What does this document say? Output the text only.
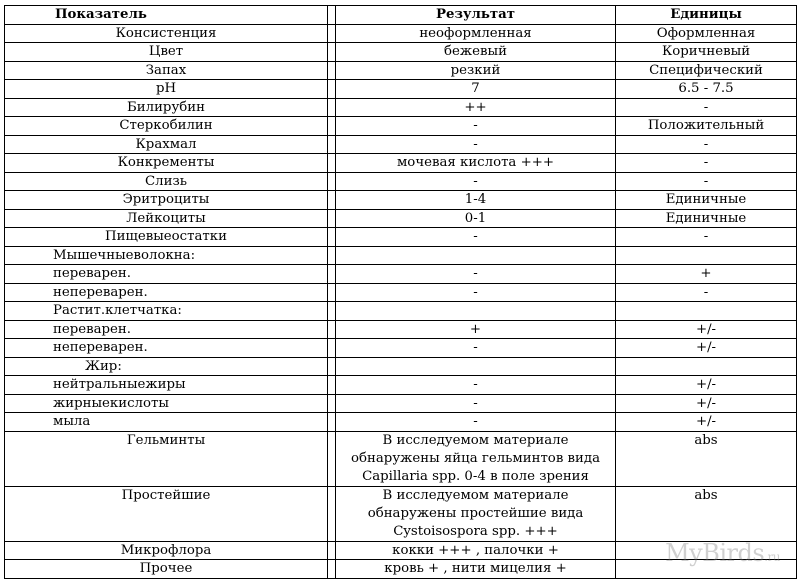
Показатель		Результат	Единицы
Консистенция		неоформленная	Оформленная
Цвет		бежевый	Коричневый
Запах		резкий	Специфический
pH		7	6.5 - 7.5
Билирубин		++	-
Стеркобилин		-	Положительный
Крахмал		-	-
Конкременты		мочевая кислота +++	-
Слизь		-	-
Эритроциты		1-4	Единичные
Лейкоциты		0-1	Единичные
Пищевыеостатки		-	-
Мышечныеволокна:			
переварен.		-	+
непереварен.		-	-
Растит.клетчатка:			
переварен.		+	+/-
непереварен.		-	+/-
Жир:			
нейтральныежиры		-	+/-
жирныекислоты		-	+/-
мыла		-	+/-
Гельминты		В исследуемом материале обнаружены яйца гельминтов вида Capillaria spp. 0-4 в поле зрения	abs
Простейшие		В исследуемом материале обнаружены простейшие вида Cystoisospora spp. +++	abs
Микрофлора		кокки +++ , палочки +	
Прочее		кровь + , нити мицелия +	
MyBirds.ru
